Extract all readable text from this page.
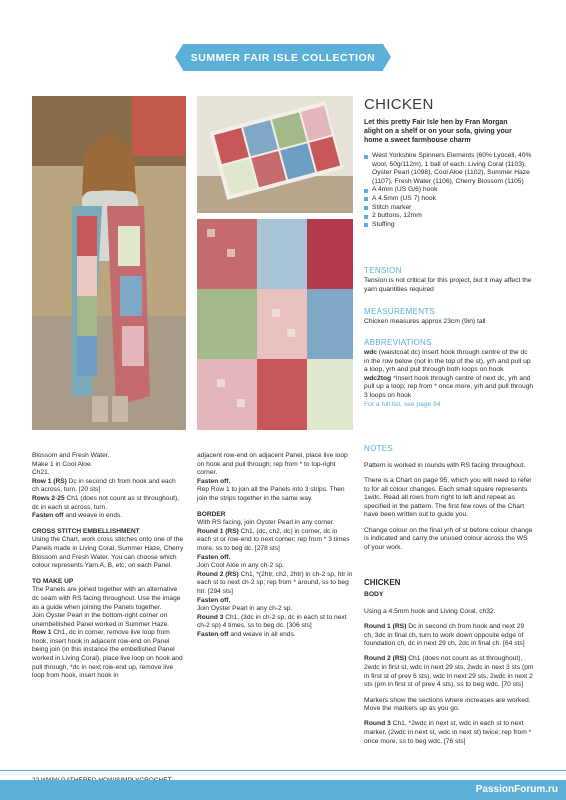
SUMMER FAIR ISLE COLLECTION
CHICKEN
Let this pretty Fair Isle hen by Fran Morgan alight on a shelf or on your sofa, giving your home a sweet farmhouse charm
West Yorkshire Spinners Elements (60% Lyocell, 40% wool, 50g/112m), 1 ball of each: Living Coral (1103), Oyster Pearl (1098), Cool Aloe (1102), Summer Haze (1107), Fresh Water (1106), Cherry Blossom (1105)
A 4mm (US G/6) hook
A 4.5mm (US 7) hook
Stitch marker
2 buttons, 12mm
Stuffing
TENSION
Tension is not critical for this project, but it may affect the yarn quantities required
MEASUREMENTS
Chicken measures approx 23cm (9in) tall
ABBREVIATIONS
wdc (waistcoat dc) Insert hook through centre of the dc in the row below (not in the top of the st), yrh and pull up a loop, yrh and pull through both loops on hook
wdc2tog *Insert hook through centre of next dc, yrh and pull up a loop; rep from * once more, yrh and pull through 3 loops on hook
For a full list, see page 94
NOTES

Pattern is worked in rounds with RS facing throughout.

There is a Chart on page 95, which you will need to refer to for all colour changes. Each small square represents 1wdc. Read all rows from right to left and repeat as specified in the pattern. The first few rows of the Chart have been written out to guide you.

Change colour on the final yrh of st before colour change is indicated and carry the unused colour across the WS of your work.

CHICKEN
BODY

Using a 4.5mm hook and Living Coral, ch32.

Round 1 (RS) Dc in second ch from hook and next 29 ch, 3dc in final ch, turn to work down opposite edge of foundation ch, dc in next 29 ch, 2dc in final ch. [64 sts]

Round 2 (RS) Ch1 (does not count as st throughout), 2wdc in first st, wdc in next 29 sts, 2wdc in next 3 sts (pm in first st of prev 6 sts), wdc in next 29 sts, 2wdc in next 2 sts (pm in first st of prev 4 sts), ss to beg wdc. [70 sts]

Markers show the sections where increases are worked. Move the markers up as you go.

Round 3 Ch1, *2wdc in next st, wdc in each st to next marker, (2wdc in next st, wdc in next st) twice; rep from * once more, ss to beg wdc. [76 sts]

Blossom and Fresh Water.

Make 1 in Cool Aloe.

Ch21.

Row 1 (RS) Dc in second ch from hook and each ch across, turn. [20 sts]

Rows 2-25 Ch1 (does not count as st throughout), dc in each st across, turn.

Fasten off and weave in ends.

CROSS STITCH EMBELLISHMENT

Using the Chart, work cross stitches onto one of the Panels made in Living Coral, Summer Haze, Cherry Blossom and Fresh Water. You can choose which colour represents Yarn A, B, etc, on each Panel.

TO MAKE UP

The Panels are joined together with an alternative dc seam with RS facing throughout. Use the image as a guide when joining the Panels together.

Join Oyster Pearl in the bottom-right corner on unembellished Panel worked in Summer Haze.

Row 1 Ch1, dc in corner, remove live loop from hook, insert hook in adjacent row-end on Panel being join (in this instance the embellished Panel worked in Living Coral), place live loop on hook and pull through, *dc in next row-end up, remove live loop from hook, insert hook in

adjacent row-end on adjacent Panel, place live loop on hook and pull through; rep from * to top-right corner.

Fasten off.

Rep Row 1 to join all the Panels into 3 strips. Then join the strips together in the same way.

BORDER

With RS facing, join Oyster Pearl in any corner.

Round 1 (RS) Ch1, (dc, ch2, dc) in corner, dc in each st or row-end to next corner; rep from * 3 times more, ss to beg dc. [278 sts]

Fasten off.

Join Cool Aloe in any ch-2 sp.

Round 2 (RS) Ch1, *(2htr, ch2, 2htr) in ch-2 sp, htr in each st to next ch-2 sp; rep from * around, ss to beg htr. [294 sts]

Fasten off.

Join Oyster Pearl in any ch-2 sp.

Round 3 Ch1, (3dc in ch-2 sp, dc in each st to next ch-2 sp) 4 times, ss to beg dc. [306 sts]

Fasten off and weave in all ends.

PassionForum.ru
